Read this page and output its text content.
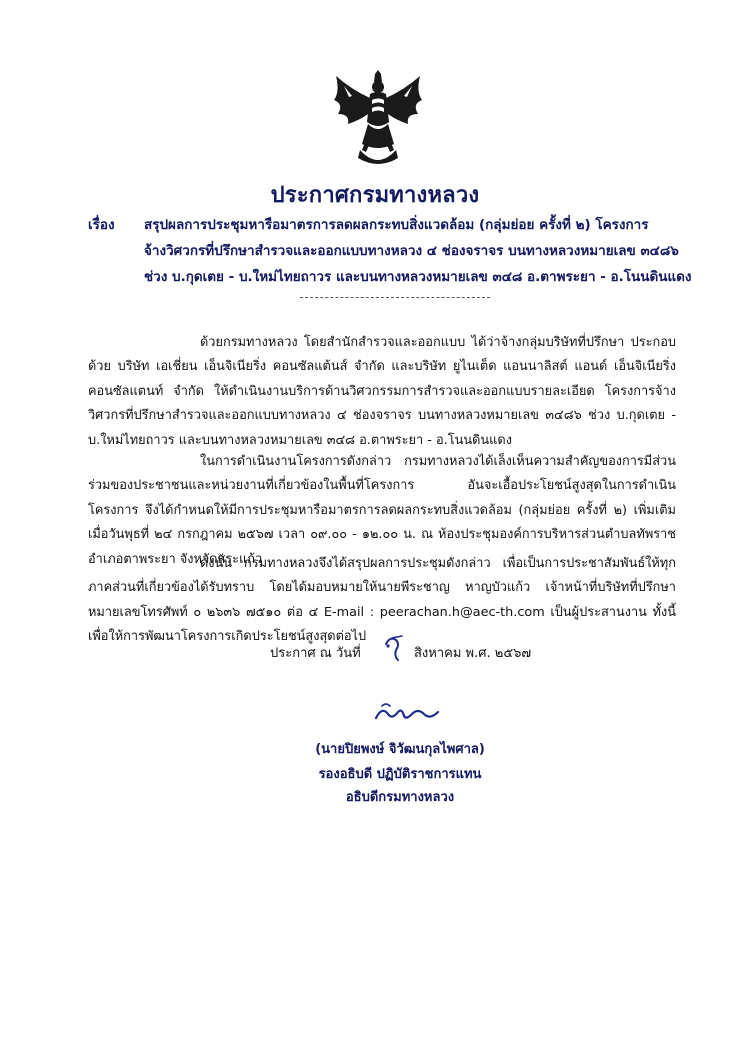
ประกาศกรมทางหลวง
เรื่อง สรุปผลการประชุมหารือมาตรการลดผลกระทบสิ่งแวดล้อม (กลุ่มย่อย ครั้งที่ ๒) โครงการ
จ้างวิศวกรที่ปรึกษาสำรวจและออกแบบทางหลวง ๔ ช่องจราจร บนทางหลวงหมายเลข ๓๔๘๖
ช่วง บ.กุดเตย - บ.ใหม่ไทยถาวร และบนทางหลวงหมายเลข ๓๔๘ อ.ตาพระยา - อ.โนนดินแดง

ด้วยกรมทางหลวง โดยสำนักสำรวจและออกแบบ ได้ว่าจ้างกลุ่มบริษัทที่ปรึกษา ประกอบด้วย บริษัท เอเชี่ยน เอ็นจิเนียริ่ง คอนซัลแต้นส์ จำกัด และบริษัท ยูไนเต็ด แอนนาลิสต์ แอนด์ เอ็นจิเนียริ่ง คอนซัลแตนท์ จำกัด ให้ดำเนินงานบริการด้านวิศวกรรมการสำรวจและออกแบบรายละเอียด โครงการจ้างวิศวกรที่ปรึกษาสำรวจและออกแบบทางหลวง ๔ ช่องจราจร บนทางหลวงหมายเลข ๓๔๘๖ ช่วง บ.กุดเตย - บ.ใหม่ไทยถาวร และบนทางหลวงหมายเลข ๓๔๘ อ.ตาพระยา - อ.โนนดินแดง

ในการดำเนินงานโครงการดังกล่าว กรมทางหลวงได้เล็งเห็นความสำคัญของการมีส่วนร่วมของประชาชนและหน่วยงานที่เกี่ยวข้องในพื้นที่โครงการ อันจะเอื้อประโยชน์สูงสุดในการดำเนินโครงการ จึงได้กำหนดให้มีการประชุมหารือมาตรการลดผลกระทบสิ่งแวดล้อม (กลุ่มย่อย ครั้งที่ ๒) เพิ่มเติม เมื่อวันพุธที่ ๒๔ กรกฎาคม ๒๕๖๗ เวลา ๐๙.๐๐ - ๑๒.๐๐ น. ณ ห้องประชุมองค์การบริหารส่วนตำบลทัพราช อำเภอตาพระยา จังหวัดสระแก้ว

ดังนั้น กรมทางหลวงจึงได้สรุปผลการประชุมดังกล่าว เพื่อเป็นการประชาสัมพันธ์ให้ทุกภาคส่วนที่เกี่ยวข้องได้รับทราบ โดยได้มอบหมายให้นายพีระชาญ หาญบัวแก้ว เจ้าหน้าที่บริษัทที่ปรึกษา หมายเลขโทรศัพท์ ๐ ๒๖๓๖ ๗๕๑๐ ต่อ ๔ E-mail : peerachan.h@aec-th.com เป็นผู้ประสานงาน ทั้งนี้ เพื่อให้การพัฒนาโครงการเกิดประโยชน์สูงสุดต่อไป

ประกาศ ณ วันที่	สิงหาคม พ.ศ. ๒๕๖๗
(นายปิยพงษ์ จิวัฒนกุลไพศาล)
รองอธิบดี ปฏิบัติราชการแทน
อธิบดีกรมทางหลวง
